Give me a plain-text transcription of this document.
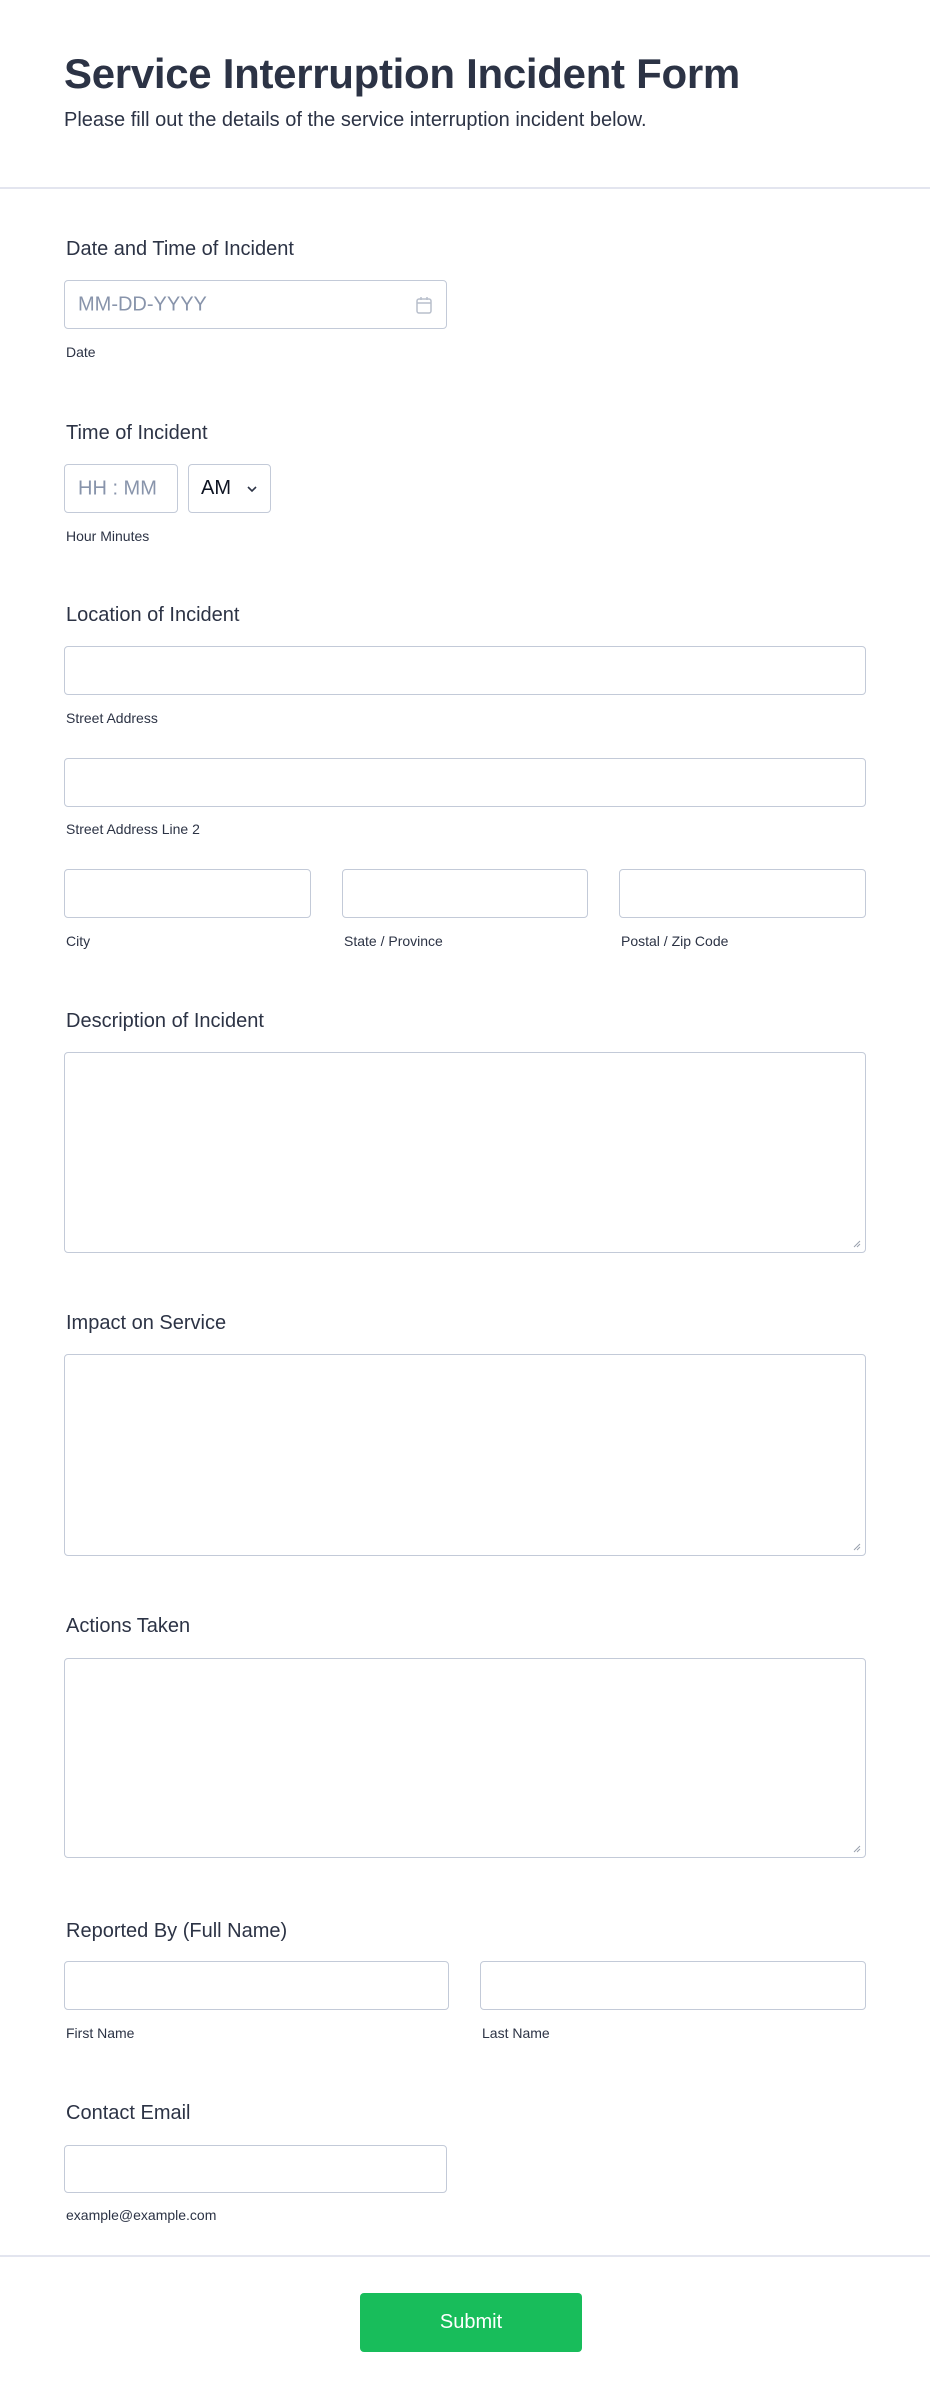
Service Interruption Incident Form
Please fill out the details of the service interruption incident below.
Date and Time of Incident
MM-DD-YYYY
Date
Time of Incident
HH : MM AM
Hour Minutes
Location of Incident
Street Address
Street Address Line 2
City	State / Province	Postal / Zip Code
Description of Incident
Impact on Service
Actions Taken
Reported By (Full Name)
First Name	Last Name
Contact Email
example@example.com
Submit
